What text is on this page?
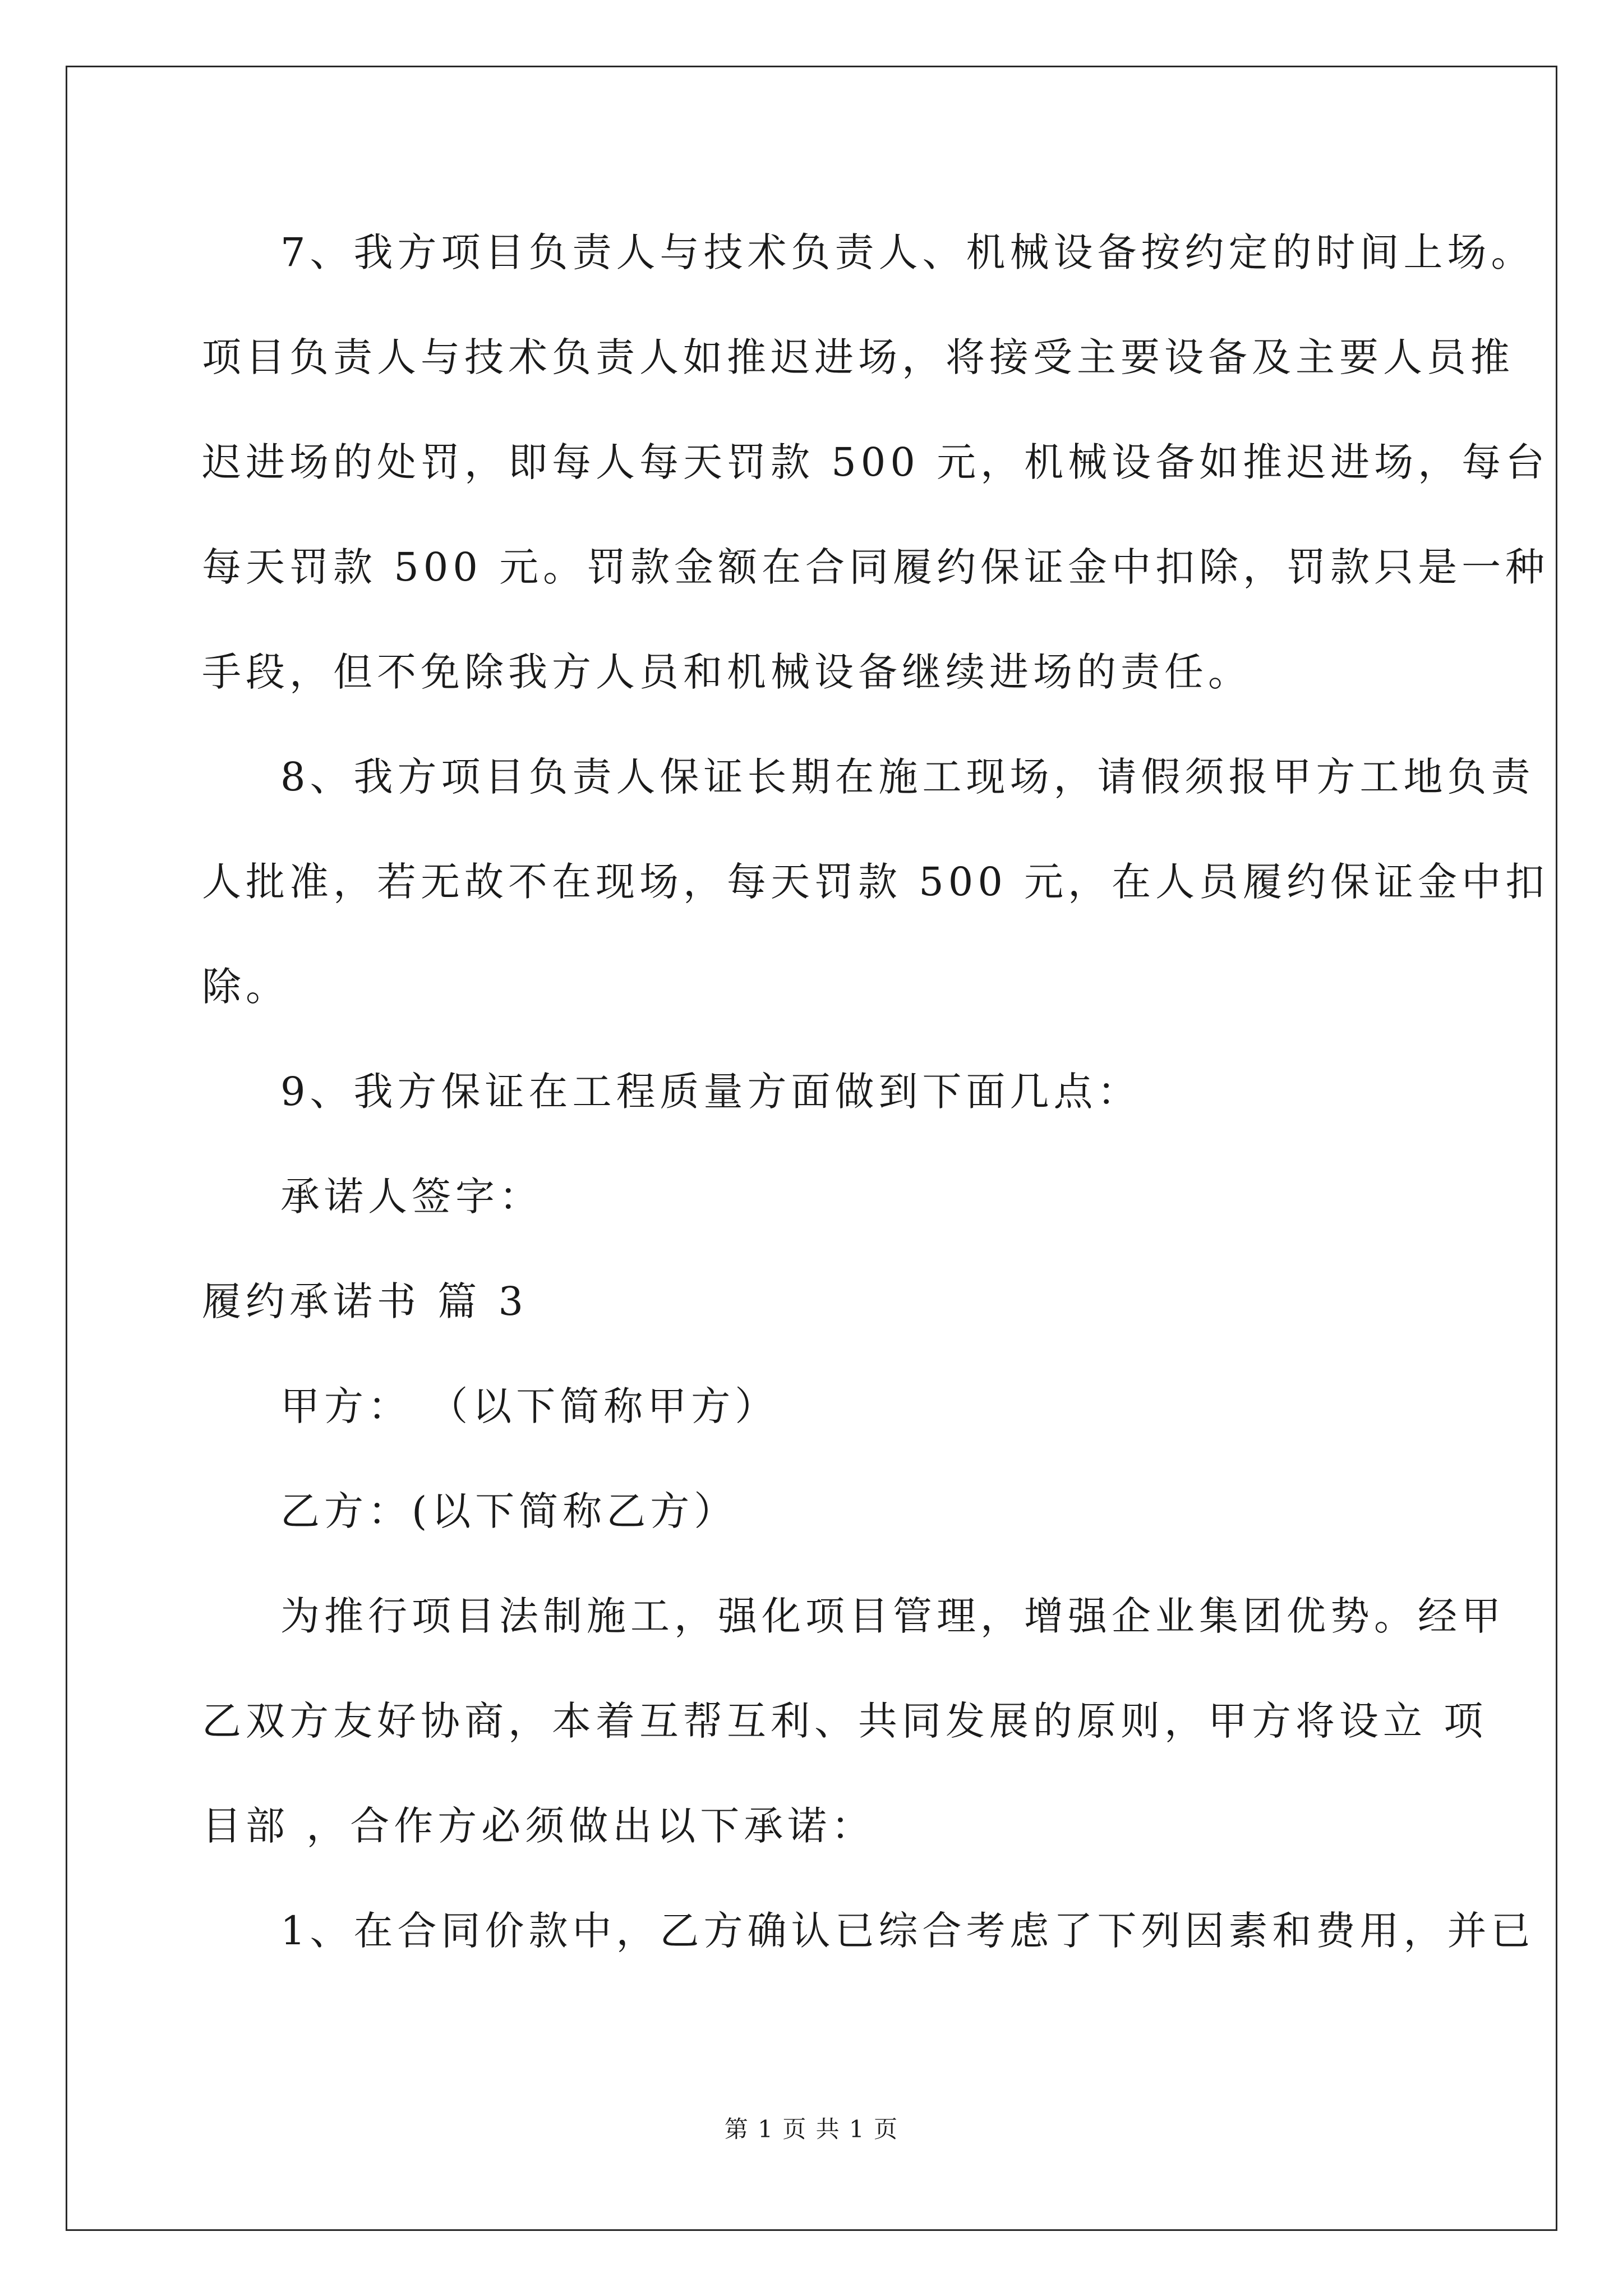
7、我方项目负责人与技术负责人、机械设备按约定的时间上场。
项目负责人与技术负责人如推迟进场，将接受主要设备及主要人员推
迟进场的处罚，即每人每天罚款 500 元，机械设备如推迟进场，每台
每天罚款 500 元。罚款金额在合同履约保证金中扣除，罚款只是一种
手段，但不免除我方人员和机械设备继续进场的责任。
8、我方项目负责人保证长期在施工现场，请假须报甲方工地负责
人批准，若无故不在现场，每天罚款 500 元，在人员履约保证金中扣
除。
9、我方保证在工程质量方面做到下面几点：
承诺人签字：
履约承诺书 篇 3
甲方： （以下简称甲方）
乙方：(以下简称乙方）
为推行项目法制施工，强化项目管理，增强企业集团优势。经甲
乙双方友好协商，本着互帮互利、共同发展的原则，甲方将设立 项
目部 ，合作方必须做出以下承诺：
1、在合同价款中，乙方确认已综合考虑了下列因素和费用，并已
第 1 页 共 1 页
